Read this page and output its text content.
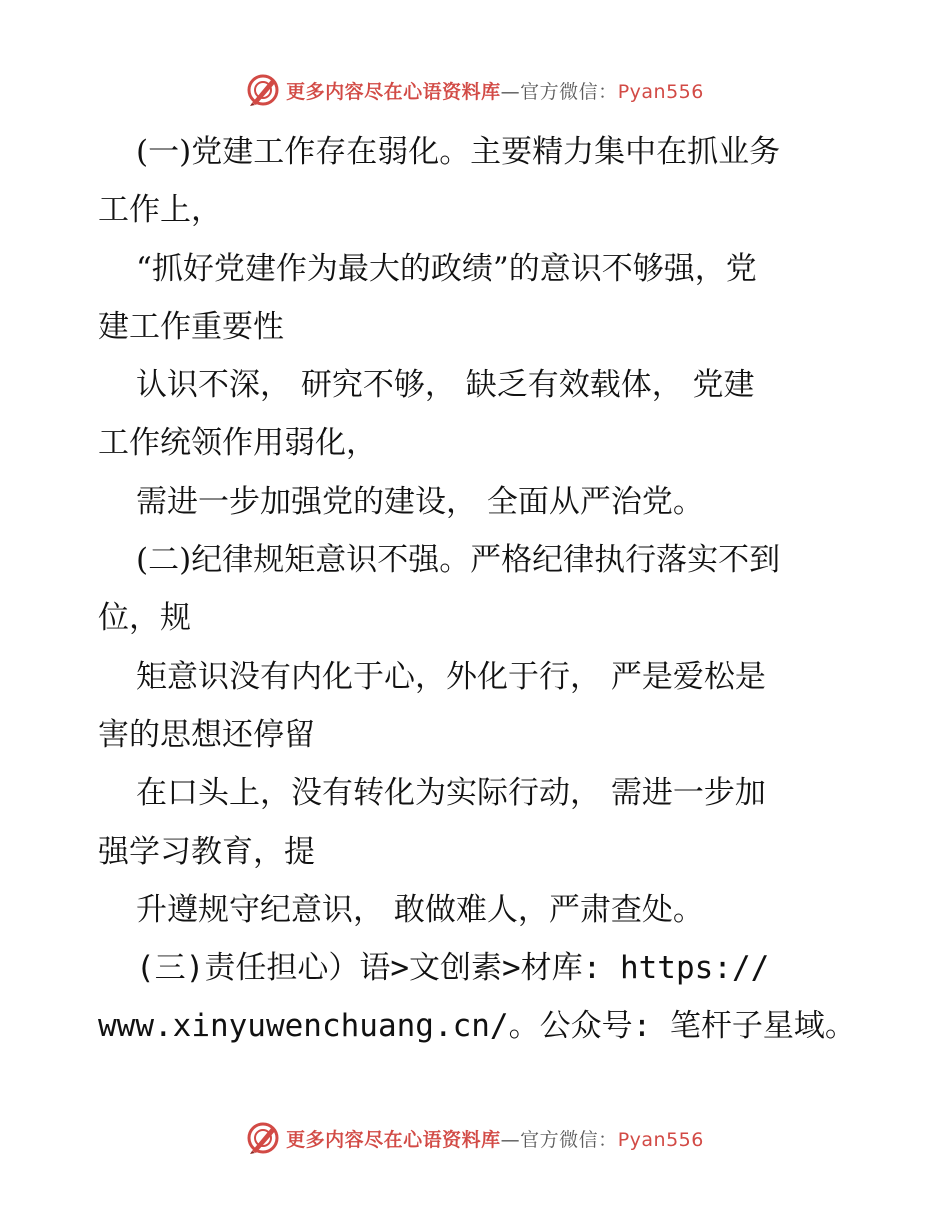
更多内容尽在心语资料库—官方微信：Pyan556
(一)党建工作存在弱化。主要精力集中在抓业务
工作上，
“抓好党建作为最大的政绩”的意识不够强，党
建工作重要性
认识不深， 研究不够， 缺乏有效载体， 党建
工作统领作用弱化，
需进一步加强党的建设， 全面从严治党。
(二)纪律规矩意识不强。严格纪律执行落实不到
位，规
矩意识没有内化于心，外化于行， 严是爱松是
害的思想还停留
在口头上，没有转化为实际行动， 需进一步加
强学习教育，提
升遵规守纪意识， 敢做难人，严肃查处。
(三)责任担心）语>文创素>材库: https://
www.xinyuwenchuang.cn/。公众号: 笔杆子星域。
更多内容尽在心语资料库—官方微信：Pyan556
